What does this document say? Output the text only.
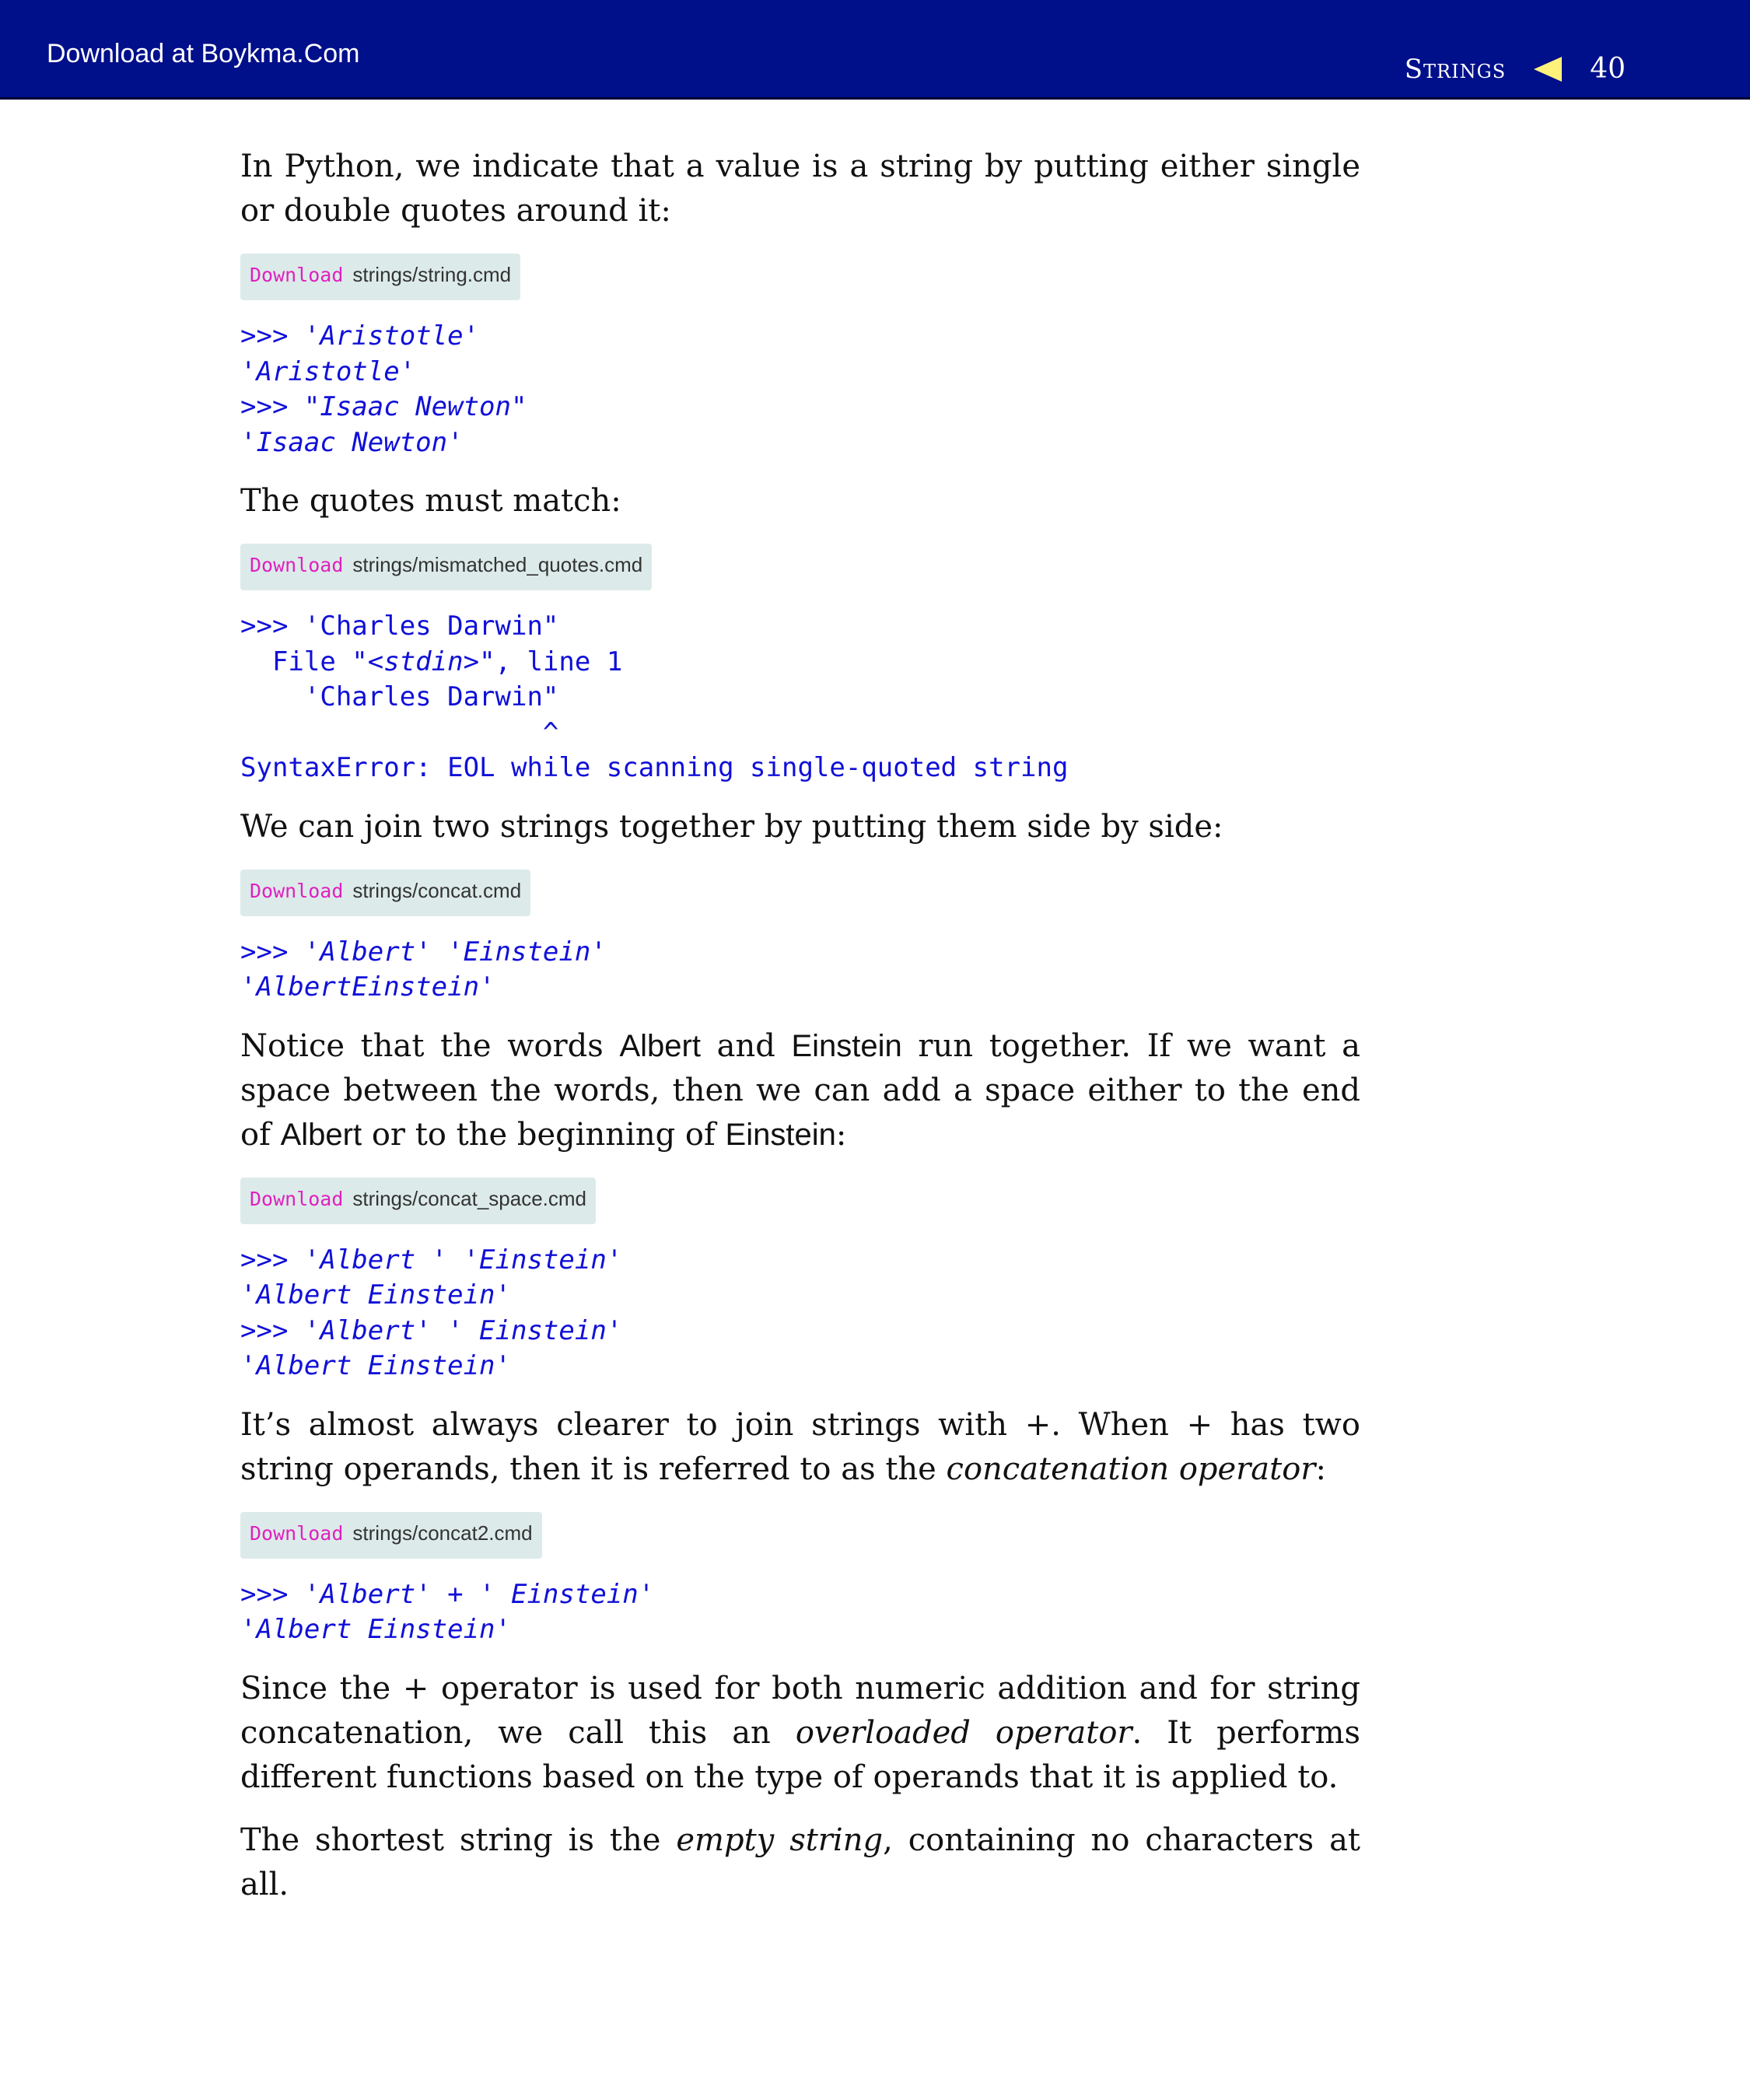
Download at Boykma.Com	Strings	40

In Python, we indicate that a value is a string by putting either single or double quotes around it:

Download strings/string.cmd
>>> 'Aristotle'
'Aristotle'
>>> "Isaac Newton"
'Isaac Newton'

The quotes must match:

Download strings/mismatched_quotes.cmd
>>> 'Charles Darwin"
File "<stdin>", line 1
'Charles Darwin"
^
SyntaxError: EOL while scanning single-quoted string

We can join two strings together by putting them side by side:

Download strings/concat.cmd
>>> 'Albert' 'Einstein'
'AlbertEinstein'

Notice that the words Albert and Einstein run together. If we want a space between the words, then we can add a space either to the end of Albert or to the beginning of Einstein:

Download strings/concat_space.cmd
>>> 'Albert ' 'Einstein'
'Albert Einstein'
>>> 'Albert' ' Einstein'
'Albert Einstein'

It’s almost always clearer to join strings with +. When + has two string operands, then it is referred to as the concatenation operator:

Download strings/concat2.cmd
>>> 'Albert' + ' Einstein'
'Albert Einstein'

Since the + operator is used for both numeric addition and for string concatenation, we call this an overloaded operator. It performs different functions based on the type of operands that it is applied to.

The shortest string is the empty string, containing no characters at all.
